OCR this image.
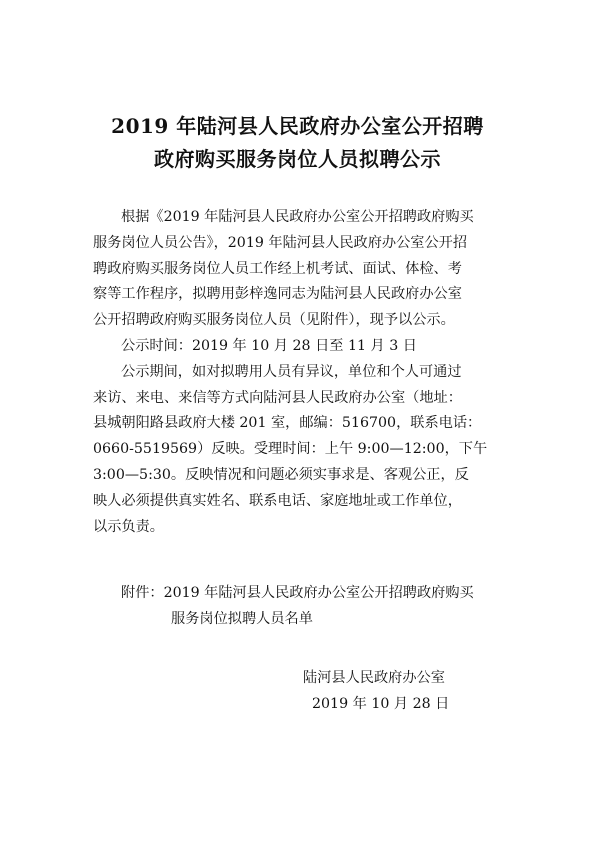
2019 年陆河县人民政府办公室公开招聘
政府购买服务岗位人员拟聘公示
根据《2019 年陆河县人民政府办公室公开招聘政府购买
服务岗位人员公告》，2019 年陆河县人民政府办公室公开招
聘政府购买服务岗位人员工作经上机考试、面试、体检、考
察等工作程序，拟聘用彭梓逸同志为陆河县人民政府办公室
公开招聘政府购买服务岗位人员（见附件），现予以公示。
公示时间：2019 年 10 月 28 日至 11 月 3 日
公示期间，如对拟聘用人员有异议，单位和个人可通过
来访、来电、来信等方式向陆河县人民政府办公室（地址：
县城朝阳路县政府大楼 201 室，邮编：516700，联系电话：
0660-5519569）反映。受理时间：上午 9:00—12:00，下午
3:00—5:30。反映情况和问题必须实事求是、客观公正，反
映人必须提供真实姓名、联系电话、家庭地址或工作单位，
以示负责。
附件：2019 年陆河县人民政府办公室公开招聘政府购买
服务岗位拟聘人员名单
陆河县人民政府办公室
2019 年 10 月 28 日
